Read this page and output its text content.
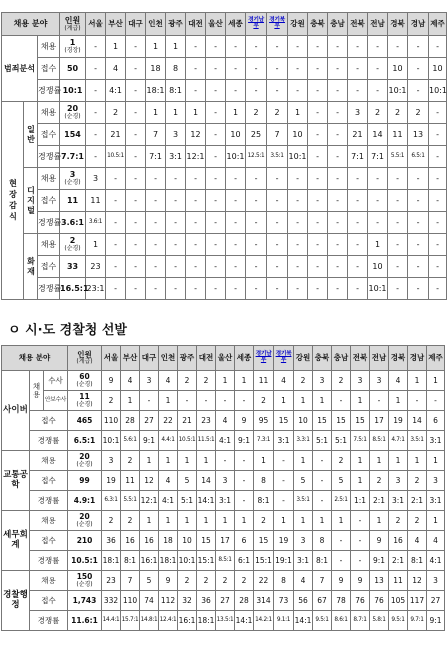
채용 분야			인원
(계급)	서울	부산	대구	인천	광주	대전	울산	세종	경기남부	경기북부	강원	충북	충남	전북	전남	경북	경남	제주
범죄분석		채용	1
(경장)	-	1	-	1	1	-	-	-	-	-	-	-	-	-	-	-	-	-
		접수	50	-	4	-	18	8	-	-	-	-	-	-	-	-	-	-	10	-	10
		경쟁률	10:1	-	4:1	-	18:1	8:1	-	-	-	-	-	-	-	-	-	-	10:1	-	10:1
현장감식	일반	채용	20
(순경)	-	2	-	1	1	1	-	1	2	2	1	-	-	3	2	2	2	-
		접수	154	-	21	-	7	3	12	-	10	25	7	10	-	-	21	14	11	13	-
		경쟁률	7.7:1	-	10.5:1	-	7:1	3:1	12:1	-	10:1	12.5:1	3.5:1	10:1	-	-	7:1	7:1	5.5:1	6.5:1	-
	디지털	채용	3
(순경)	3	-	-	-	-	-	-	-	-	-	-	-	-	-	-	-	-	-
		접수	11	11	-	-	-	-	-	-	-	-	-	-	-	-	-	-	-	-	-
		경쟁률	3.6:1	3.6:1	-	-	-	-	-	-	-	-	-	-	-	-	-	-	-	-	-
	화재	채용	2
(순경)	1	-	-	-	-	-	-	-	-	-	-	-	-	-	1	-	-	-
		접수	33	23	-	-	-	-	-	-	-	-	-	-	-	-	-	10	-	-	-
		경쟁률	16.5:1	23:1	-	-	-	-	-	-	-	-	-	-	-	-	-	10:1	-	-	-
ㅇ 시·도 경찰청 선발
채용 분야			인원
(계급)	서울	부산	대구	인천	광주	대전	울산	세종	경기남부	경기북부	강원	충북	충남	전북	전남	경북	경남	제주
사이버	채용	수사	60
(순경)	9	4	3	4	2	2	1	1	11	4	2	3	2	3	3	4	1	1
		안보수사	11
(순경)	2	1	-	1	-	-	-	-	2	1	1	1	-	1	-	1	-	-
	접수		465	110	28	27	22	21	23	4	9	95	15	10	15	15	15	17	19	14	6
	경쟁률		6.5:1	10:1	5.6:1	9:1	4.4:1	10.5:1	11.5:1	4:1	9:1	7.3:1	3:1	3.3:1	5:1	5:1	7.5:1	8.5:1	4.7:1	3.5:1	3:1
교통공학	채용		20
(순경)	3	2	1	1	1	1	-	-	1	-	1	-	2	1	1	1	1	1
	접수		99	19	11	12	4	5	14	3	-	8	-	5	-	5	1	2	3	2	3
	경쟁률		4.9:1	6.3:1	5.5:1	12:1	4:1	5:1	14:1	3:1	-	8:1	-	3.5:1	-	2.5:1	1:1	2:1	3:1	2:1	3:1
세무회계	채용		20
(순경)	2	2	1	1	1	1	1	1	2	1	1	1	1	-	1	2	2	1
	접수		210	36	16	16	18	10	15	17	6	15	19	3	8	-	-	9	16	4	4
	경쟁률		10.5:1	18:1	8:1	16:1	18:1	10:1	15:1	8.5:1	6:1	15:1	19:1	3:1	8:1	-	-	9:1	2:1	8:1	4:1
경찰행정	채용		150
(순경)	23	7	5	9	2	2	2	2	22	8	4	7	9	9	13	11	12	3
	접수		1,743	332	110	74	112	32	36	27	28	314	73	56	67	78	76	76	105	117	27
	경쟁률		11.6:1	14.4:1	15.7:1	14.8:1	12.4:1	16:1	18:1	13.5:1	14:1	14.2:1	9.1:1	14:1	9.5:1	8.6:1	8.7:1	5.8:1	9.5:1	9.7:1	9:1
